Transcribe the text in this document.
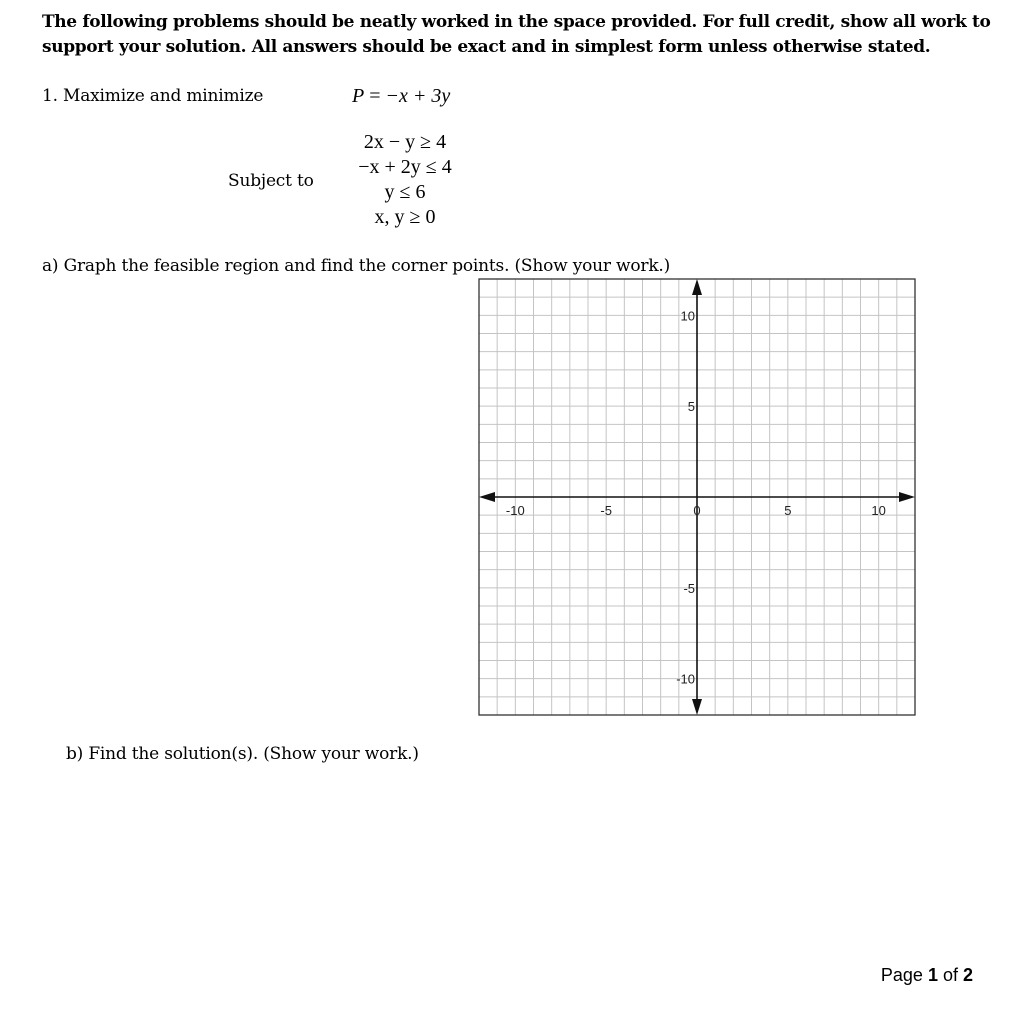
The following problems should be neatly worked in the space provided. For full credit, show all work to
support your solution. All answers should be exact and in simplest form unless otherwise stated.
1. Maximize and minimize	P = −x + 3y
Subject to
2x − y ≥ 4
−x + 2y ≤ 4
y ≤ 6
x, y ≥ 0
a) Graph the feasible region and find the corner points. (Show your work.)
-10	-5	0	5	10
10
5
-5
-10
b) Find the solution(s). (Show your work.)
Page 1 of 2
